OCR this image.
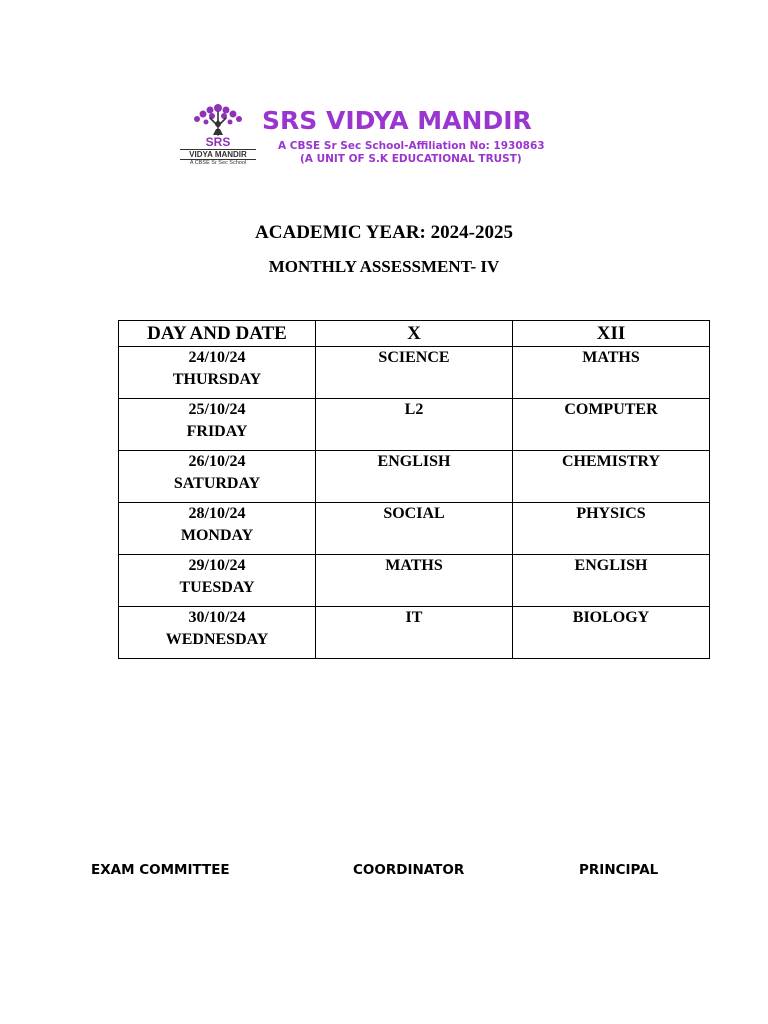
SRS
VIDYA MANDIR
A CBSE Sr Sec School
SRS VIDYA MANDIR
A CBSE Sr Sec School-Affiliation No: 1930863
(A UNIT OF S.K EDUCATIONAL TRUST)
ACADEMIC YEAR: 2024-2025
MONTHLY ASSESSMENT- IV
DAY AND DATE	X	XII

24/10/24
THURSDAY	SCIENCE	MATHS

25/10/24
FRIDAY	L2	COMPUTER

26/10/24
SATURDAY	ENGLISH	CHEMISTRY

28/10/24
MONDAY	SOCIAL	PHYSICS

29/10/24
TUESDAY	MATHS	ENGLISH

30/10/24
WEDNESDAY	IT	BIOLOGY
EXAM COMMITTEE	COORDINATOR	PRINCIPAL
